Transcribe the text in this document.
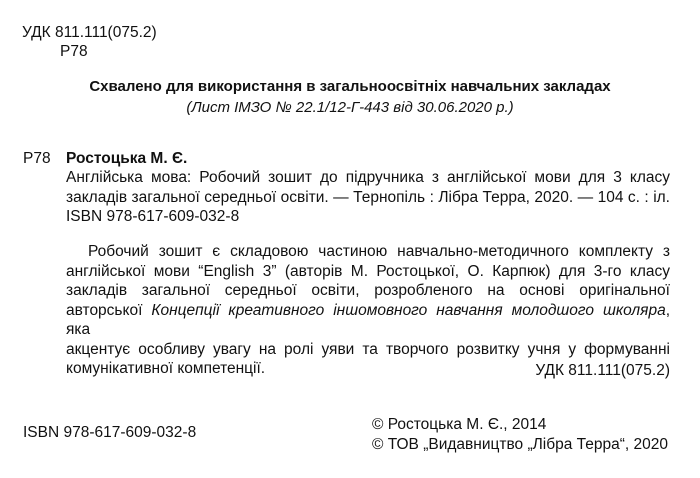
УДК 811.111(075.2)
Р78
Схвалено для використання в загальноосвітніх навчальних закладах
(Лист ІМЗО № 22.1/12-Г-443 від 30.06.2020 р.)
Р78 Ростоцька М. Є.
Англійська мова: Робочий зошит до підручника з англійської мови для 3 класу
закладів загальної середньої освіти. — Тернопіль : Лібра Терра, 2020. — 104 с. : іл.
ISBN 978-617-609-032-8
Робочий зошит є складовою частиною навчально-методичного комплекту з
англійської мови “English 3” (авторів М. Ростоцької, О. Карпюк) для 3-го класу
закладів загальної середньої освіти, розробленого на основі оригінальної
авторської Концепції креативного іншомовного навчання молодшого школяра, яка
акцентує особливу увагу на ролі уяви та творчого розвитку учня у формуванні
комунікативної компетенції.	УДК 811.111(075.2)
ISBN 978-617-609-032-8	© Ростоцька М. Є., 2014
© ТОВ „Видавництво „Лібра Терра“, 2020
